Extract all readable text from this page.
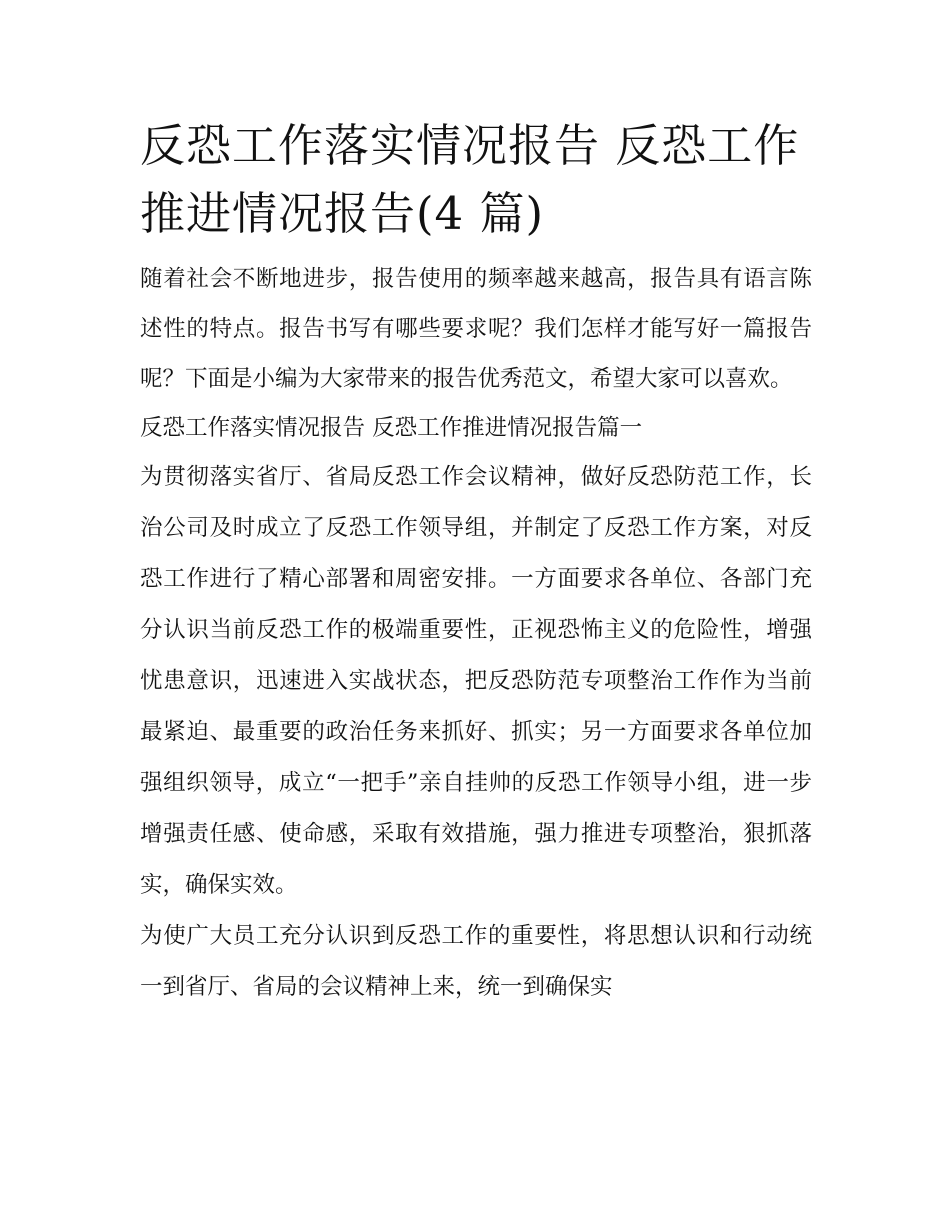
反恐工作落实情况报告 反恐工作推进情况报告(4 篇)

随着社会不断地进步，报告使用的频率越来越高，报告具有语言陈述性的特点。报告书写有哪些要求呢？我们怎样才能写好一篇报告呢？下面是小编为大家带来的报告优秀范文，希望大家可以喜欢。

反恐工作落实情况报告 反恐工作推进情况报告篇一

为贯彻落实省厅、省局反恐工作会议精神，做好反恐防范工作，长治公司及时成立了反恐工作领导组，并制定了反恐工作方案，对反恐工作进行了精心部署和周密安排。一方面要求各单位、各部门充分认识当前反恐工作的极端重要性，正视恐怖主义的危险性，增强忧患意识，迅速进入实战状态，把反恐防范专项整治工作作为当前最紧迫、最重要的政治任务来抓好、抓实；另一方面要求各单位加强组织领导，成立“一把手”亲自挂帅的反恐工作领导小组，进一步增强责任感、使命感，采取有效措施，强力推进专项整治，狠抓落实，确保实效。

为使广大员工充分认识到反恐工作的重要性，将思想认识和行动统一到省厅、省局的会议精神上来，统一到确保实
